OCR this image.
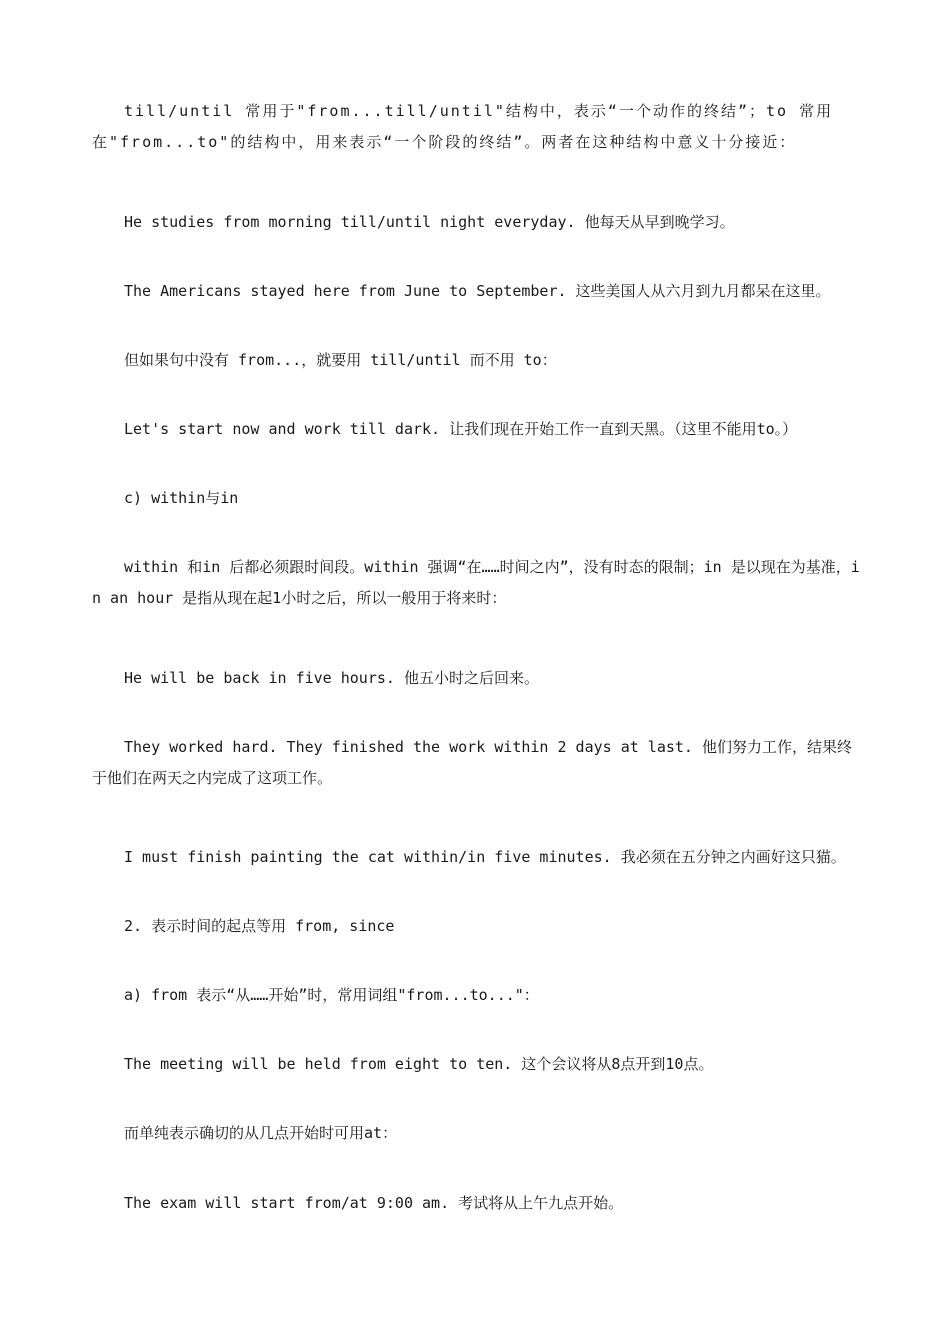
till/until 常用于"from...till/until"结构中，表示“一个动作的终结”；to 常用在"from...to"的结构中，用来表示“一个阶段的终结”。两者在这种结构中意义十分接近：

He studies from morning till/until night everyday. 他每天从早到晚学习。

The Americans stayed here from June to September. 这些美国人从六月到九月都呆在这里。

但如果句中没有 from...，就要用 till/until 而不用 to：

Let's start now and work till dark. 让我们现在开始工作一直到天黑。（这里不能用to。）

c) within与in

within 和in 后都必须跟时间段。within 强调“在……时间之内”，没有时态的限制；in 是以现在为基准，in an hour 是指从现在起1小时之后，所以一般用于将来时：

He will be back in five hours. 他五小时之后回来。

They worked hard. They finished the work within 2 days at last. 他们努力工作，结果终于他们在两天之内完成了这项工作。

I must finish painting the cat within/in five minutes. 我必须在五分钟之内画好这只猫。

2. 表示时间的起点等用 from, since

a) from 表示“从……开始”时，常用词组"from...to..."：

The meeting will be held from eight to ten. 这个会议将从8点开到10点。

而单纯表示确切的从几点开始时可用at：

The exam will start from/at 9:00 am. 考试将从上午九点开始。
